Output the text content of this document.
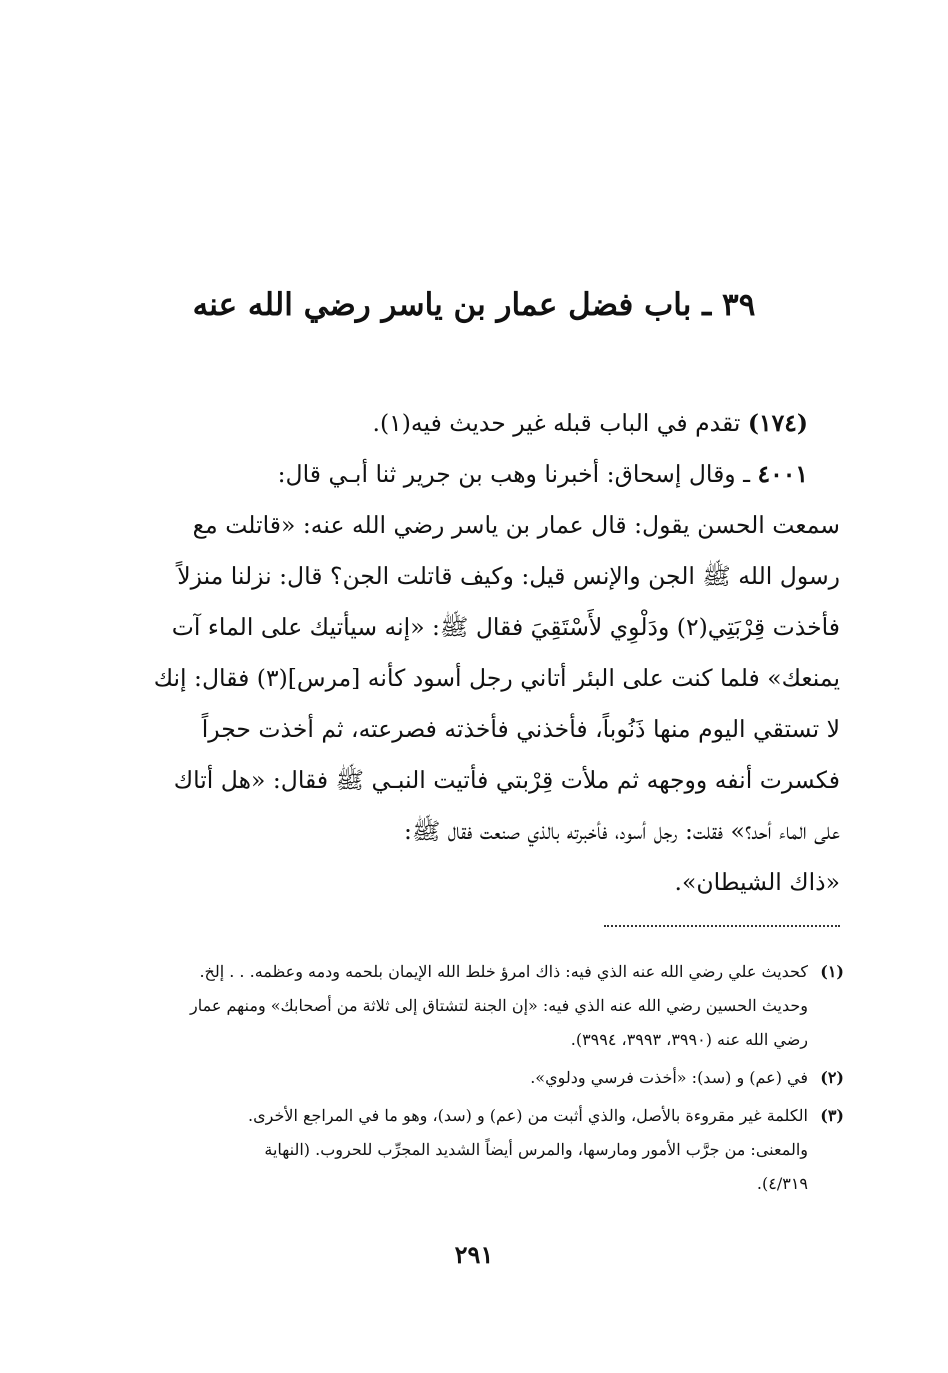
٣٩ ـ باب فضل عمار بن ياسر رضي الله عنه

(١٧٤) تقدم في الباب قبله غير حديث فيه(١).

٤٠٠١ ـ وقال إسحاق: أخبرنا وهب بن جرير ثنا أبـي قال:

سمعت الحسن يقول: قال عمار بن ياسر رضي الله عنه: «قاتلت مع

رسول الله ﷺ الجن والإنس قيل: وكيف قاتلت الجن؟ قال: نزلنا منزلاً

فأخذت قِرْبَتِي(٢) ودَلْوِي لأَسْتَقِيَ فقال ﷺ: «إنه سيأتيك على الماء آت

يمنعك» فلما كنت على البئر أتاني رجل أسود كأنه [مرس](٣) فقال: إنك

لا تستقي اليوم منها ذَنُوباً، فأخذني فأخذته فصرعته، ثم أخذت حجراً

فكسرت أنفه ووجهه ثم ملأت قِرْبتي فأتيت النبـي ﷺ فقال: «هل أتاك

على الماء أحد؟» فقلت: رجل أسود، فأخبرته بالذي صنعت فقال ﷺ:

«ذاك الشيطان».

(١)
كحديث علي رضي الله عنه الذي فيه: ذاك امرؤ خلط الله الإيمان بلحمه ودمه وعظمه. . . إلخ.
وحديث الحسين رضي الله عنه الذي فيه: «إن الجنة لتشتاق إلى ثلاثة من أصحابك» ومنهم عمار
رضي الله عنه (٣٩٩٠، ٣٩٩٣، ٣٩٩٤).
(٢)
في (عم) و (سد): «أخذت فرسي ودلوي».
(٣)
الكلمة غير مقروءة بالأصل، والذي أثبت من (عم) و (سد)، وهو ما في المراجع الأخرى.
والمعنى: من جرَّب الأمور ومارسها، والمرس أيضاً الشديد المجرِّب للحروب. (النهاية
٤/٣١٩).
٢٩١
